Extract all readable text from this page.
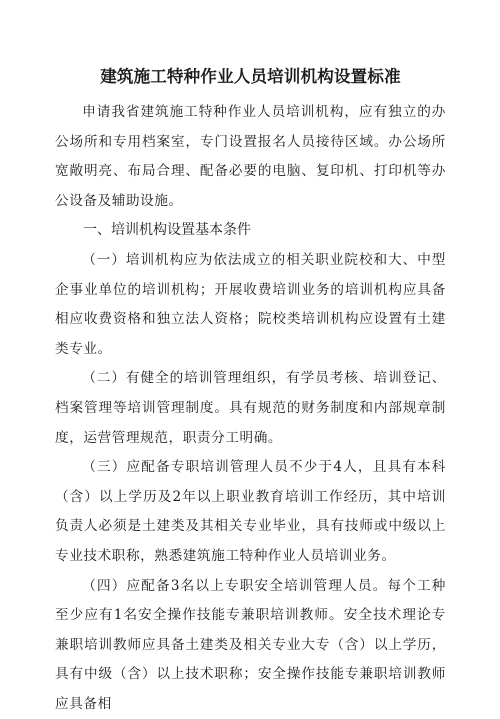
建筑施工特种作业人员培训机构设置标准

申请我省建筑施工特种作业人员培训机构，应有独立的办公场所和专用档案室，专门设置报名人员接待区域。办公场所宽敞明亮、布局合理、配备必要的电脑、复印机、打印机等办公设备及辅助设施。

一、培训机构设置基本条件

（一）培训机构应为依法成立的相关职业院校和大、中型企事业单位的培训机构；开展收费培训业务的培训机构应具备相应收费资格和独立法人资格；院校类培训机构应设置有土建类专业。

（二）有健全的培训管理组织，有学员考核、培训登记、档案管理等培训管理制度。具有规范的财务制度和内部规章制度，运营管理规范，职责分工明确。

（三）应配备专职培训管理人员不少于4人，且具有本科（含）以上学历及2年以上职业教育培训工作经历，其中培训负责人必须是土建类及其相关专业毕业，具有技师或中级以上专业技术职称，熟悉建筑施工特种作业人员培训业务。

（四）应配备3名以上专职安全培训管理人员。每个工种至少应有1名安全操作技能专兼职培训教师。安全技术理论专兼职培训教师应具备土建类及相关专业大专（含）以上学历，具有中级（含）以上技术职称；安全操作技能专兼职培训教师应具备相
